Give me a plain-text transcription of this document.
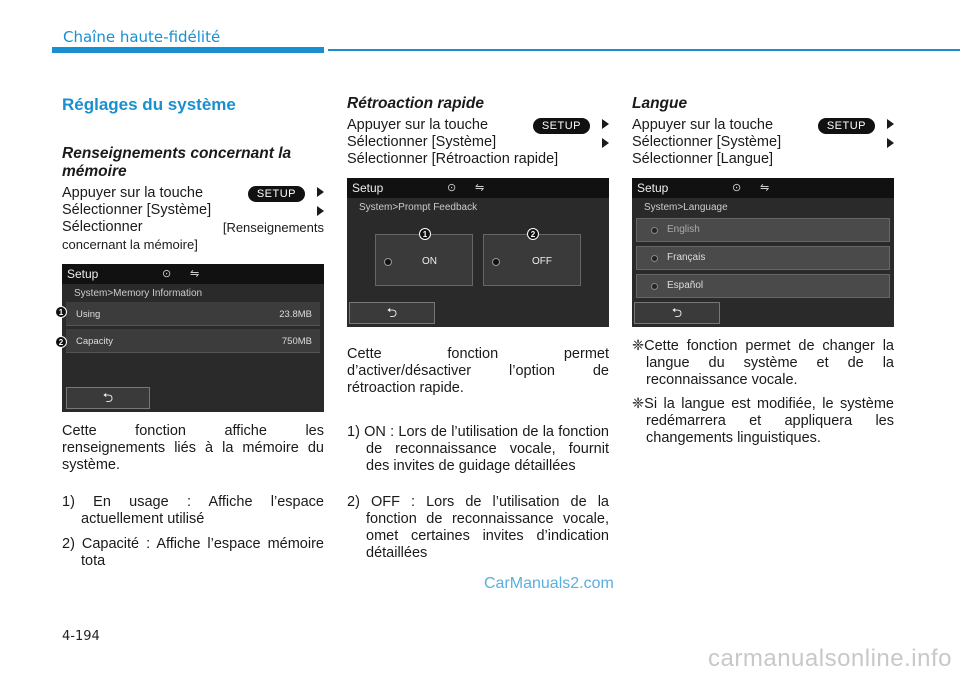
Chaîne haute-fidélité
Réglages du système
Renseignements concernant la
mémoire
Appuyer sur la touche	SETUP
Sélectionner [Système]
Sélectionner	[Renseignements
concernant la mémoire]
Setup	⊙ ⇋
System>Memory Information
Using	23.8MB
Capacity	750MB
⮌
1
2
Cette fonction affiche les renseignements liés à la mémoire du système.
1) En usage : Affiche l’espace actuellement utilisé
2) Capacité : Affiche l’espace mémoire tota
Rétroaction rapide
Appuyer sur la touche	SETUP
Sélectionner [Système]
Sélectionner [Rétroaction rapide]
Setup	⊙ ⇋
System>Prompt Feedback
ON	OFF
⮌
1	2
Cette fonction permet d’activer/désactiver l’option de rétroaction rapide.
1) ON : Lors de l’utilisation de la fonction de reconnaissance vocale, fournit des invites de guidage détaillées
2) OFF : Lors de l’utilisation de la fonction de reconnaissance vocale, omet certaines invites d’indication détaillées
Langue
Appuyer sur la touche	SETUP
Sélectionner [Système]
Sélectionner [Langue]
Setup	⊙ ⇋
System>Language
English
Français
Español
⮌
❈Cette fonction permet de changer la langue du système et de la reconnaissance vocale.
❈Si la langue est modifiée, le système redémarrera et appliquera les changements linguistiques.
CarManuals2.com
4-194
carmanualsonline.info
